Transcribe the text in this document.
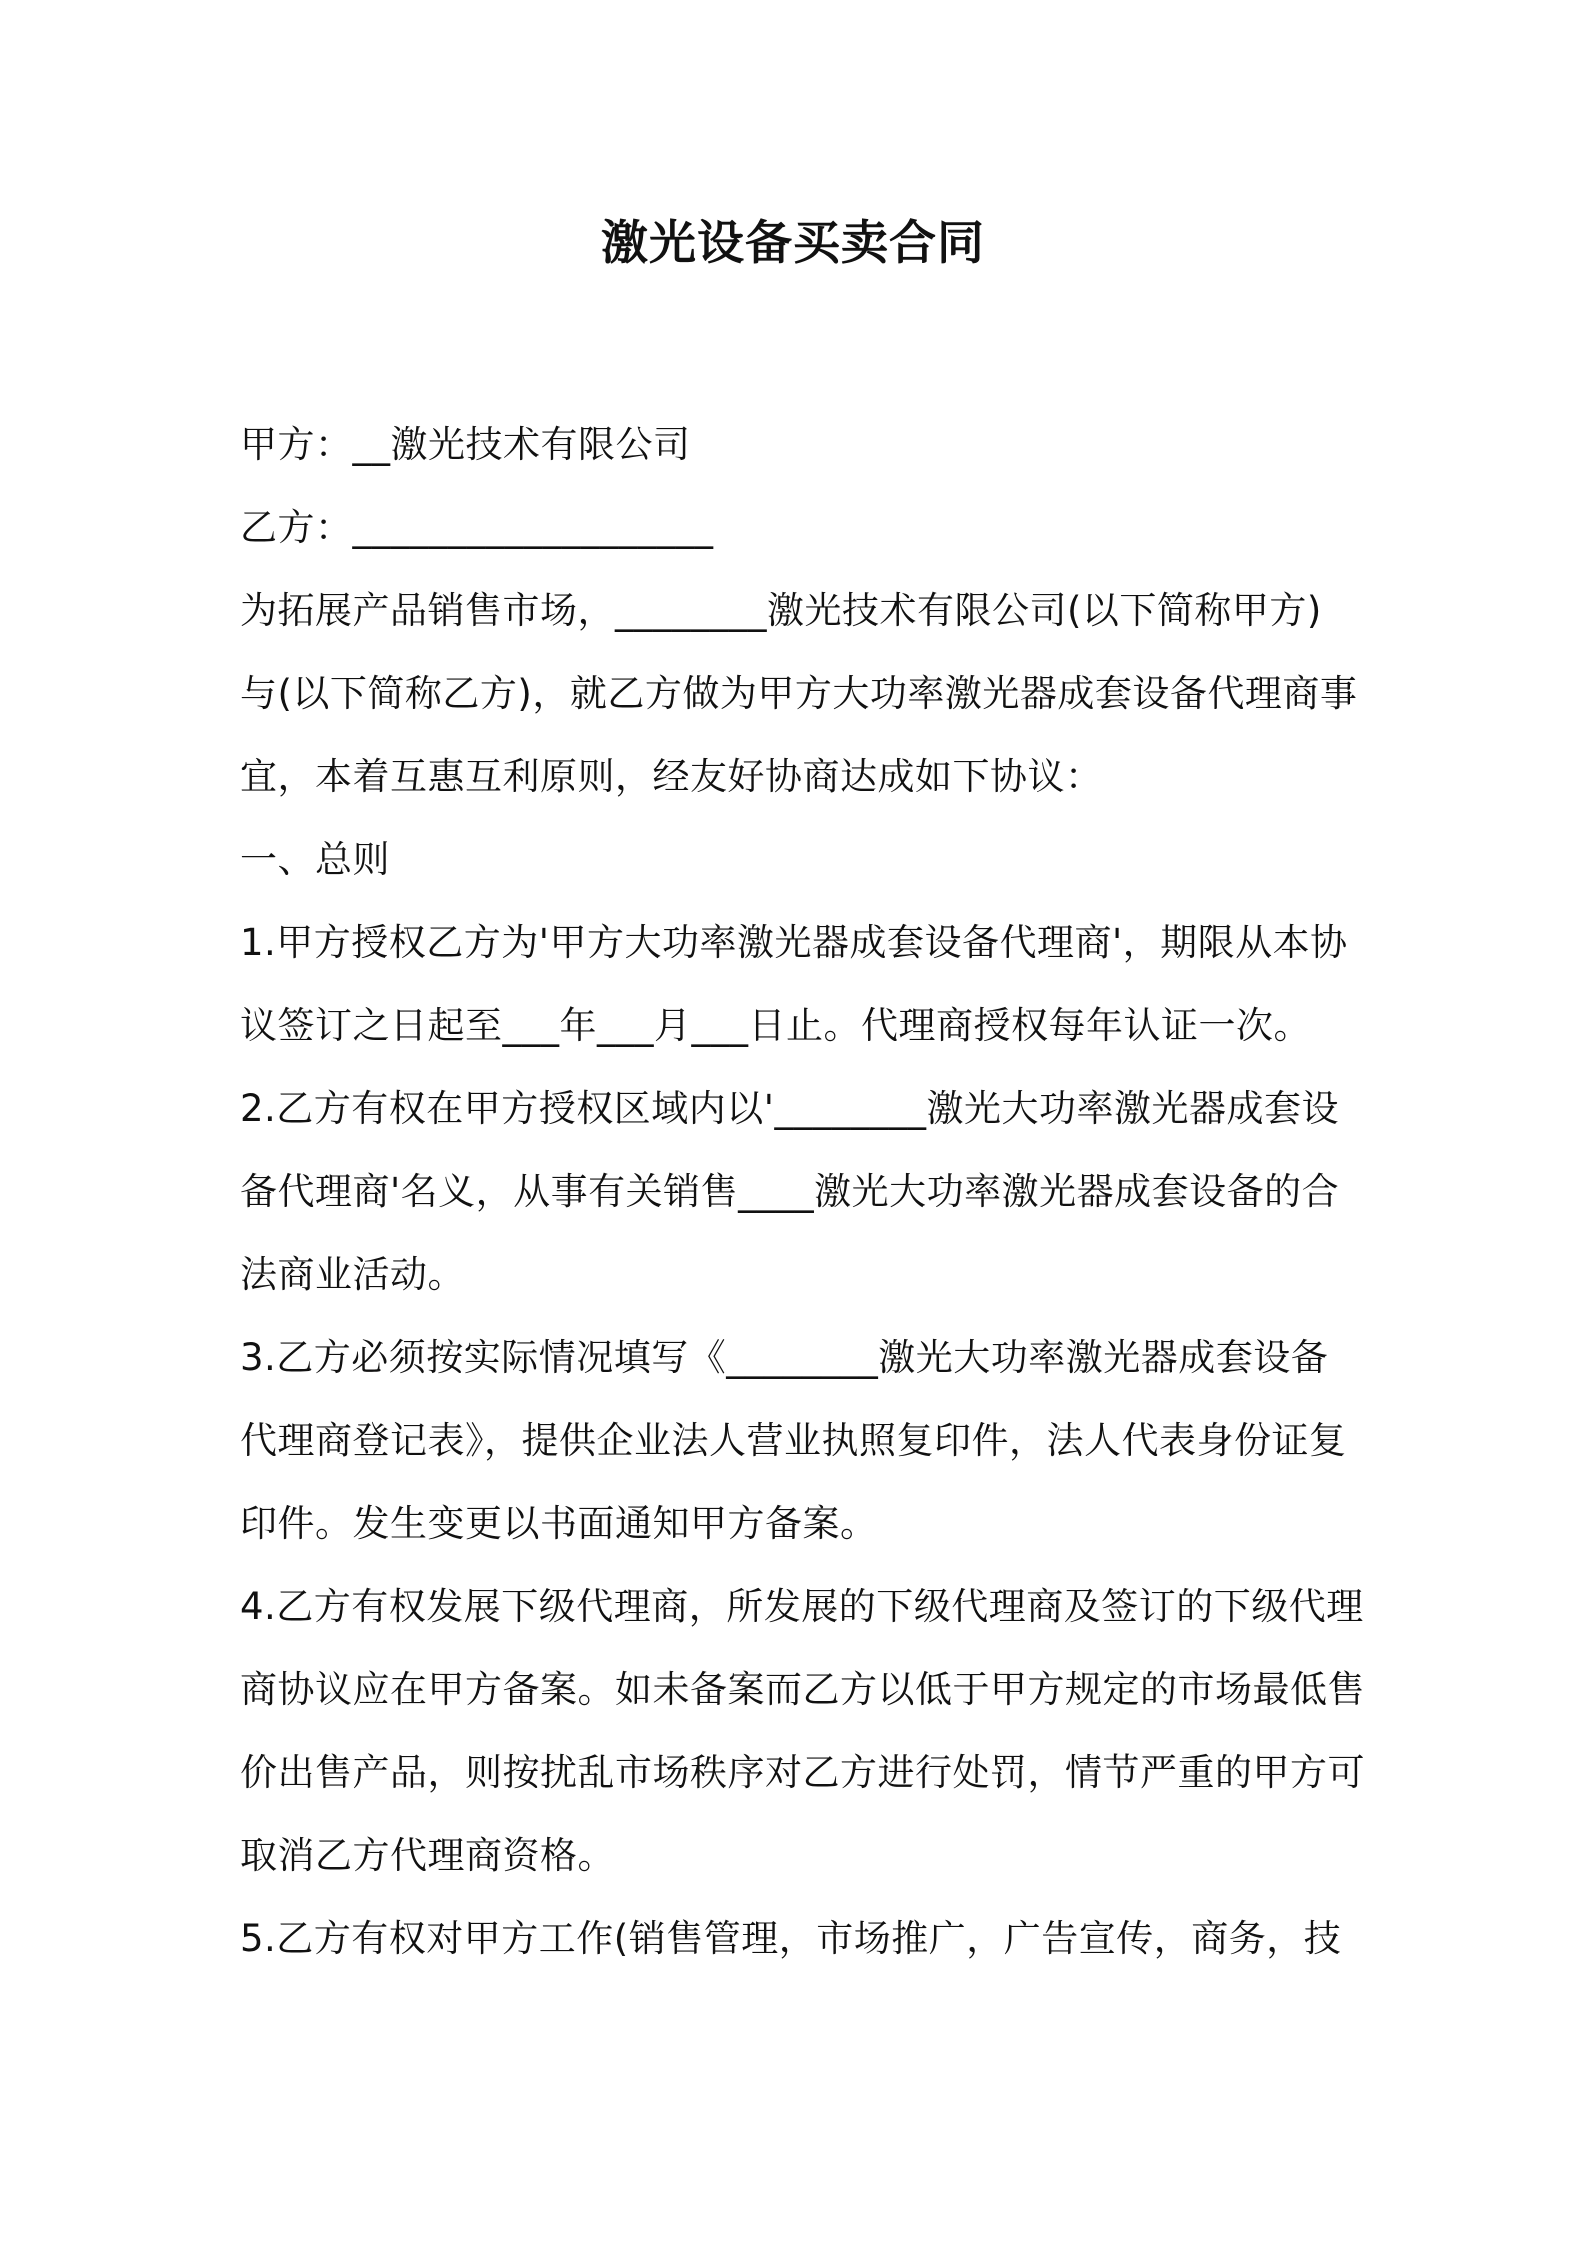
激光设备买卖合同

甲方：__激光技术有限公司

乙方：___________________

为拓展产品销售市场，________激光技术有限公司(以下简称甲方)

与(以下简称乙方)，就乙方做为甲方大功率激光器成套设备代理商事

宜，本着互惠互利原则，经友好协商达成如下协议：

一、总则

1.甲方授权乙方为'甲方大功率激光器成套设备代理商'，期限从本协

议签订之日起至___年___月___日止。代理商授权每年认证一次。

2.乙方有权在甲方授权区域内以'________激光大功率激光器成套设

备代理商'名义，从事有关销售____激光大功率激光器成套设备的合

法商业活动。

3.乙方必须按实际情况填写《________激光大功率激光器成套设备

代理商登记表》，提供企业法人营业执照复印件，法人代表身份证复

印件。发生变更以书面通知甲方备案。

4.乙方有权发展下级代理商，所发展的下级代理商及签订的下级代理

商协议应在甲方备案。如未备案而乙方以低于甲方规定的市场最低售

价出售产品，则按扰乱市场秩序对乙方进行处罚，情节严重的甲方可

取消乙方代理商资格。

5.乙方有权对甲方工作(销售管理，市场推广，广告宣传，商务，技
